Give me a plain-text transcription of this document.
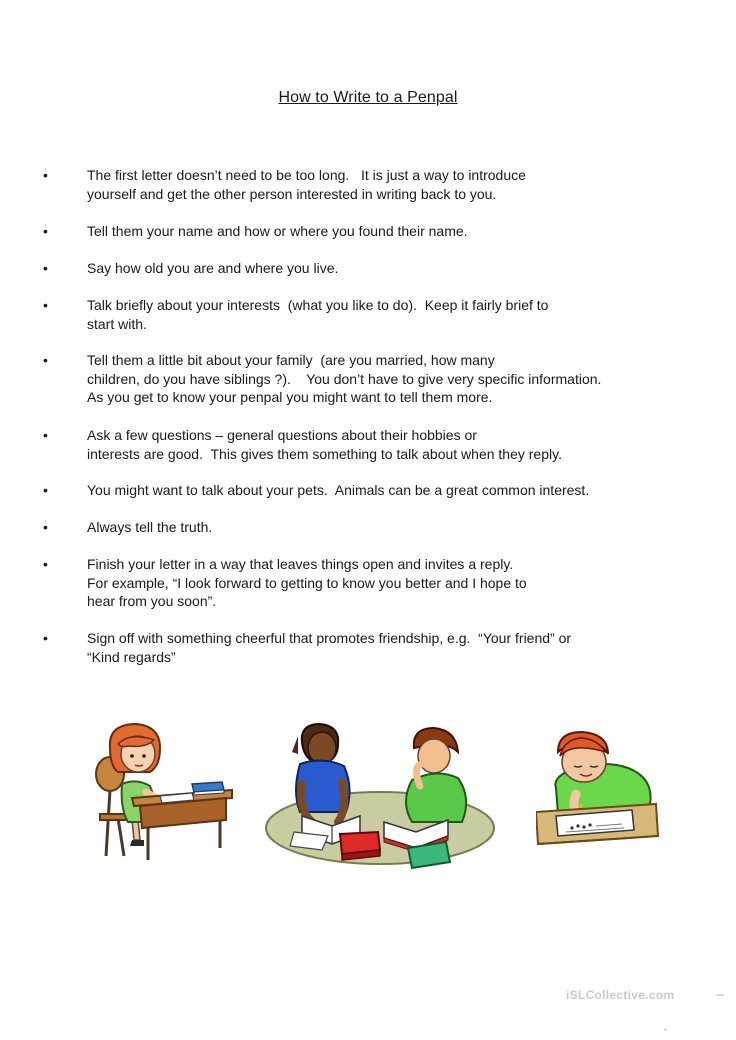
How to Write to a Penpal
•	The first letter doesn’t need to be too long.   It is just a way to introduce
yourself and get the other person interested in writing back to you.
•	Tell them your name and how or where you found their name.
•	Say how old you are and where you live.
•	Talk briefly about your interests  (what you like to do).  Keep it fairly brief to
start with.
•	Tell them a little bit about your family  (are you married, how many
children, do you have siblings ?).    You don’t have to give very specific information.
As you get to know your penpal you might want to tell them more.
•	Ask a few questions – general questions about their hobbies or
interests are good.  This gives them something to talk about when they reply.
•	You might want to talk about your pets.  Animals can be a great common interest.
•	Always tell the truth.
•	Finish your letter in a way that leaves things open and invites a reply.
For example, “I look forward to getting to know you better and I hope to
hear from you soon”.
•	Sign off with something cheerful that promotes friendship, e.g.  “Your friend” or
“Kind regards”
iSLCollective.com
